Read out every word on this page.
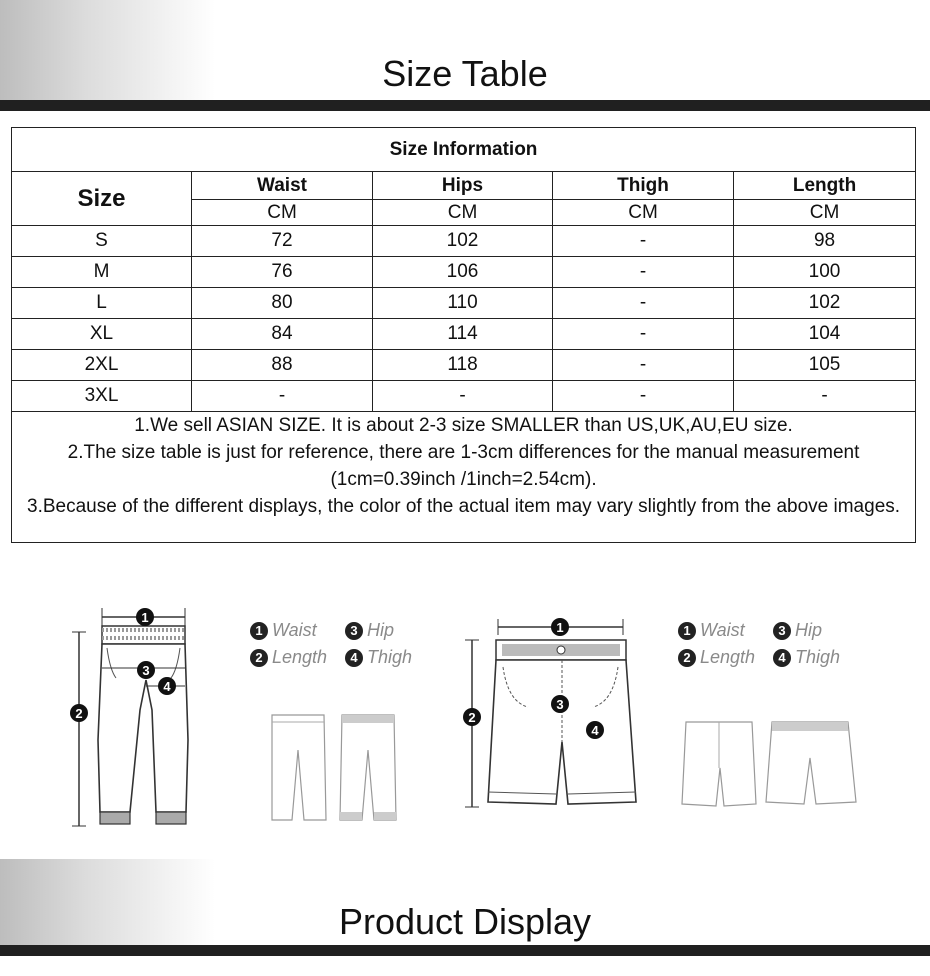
Size Table
Size Information				
Size	Waist	Hips	Thigh	Length
	CM	CM	CM	CM
S	72	102	-	98
M	76	106	-	100
L	80	110	-	102
XL	84	114	-	104
2XL	88	118	-	105
3XL	-	-	-	-

1.We sell ASIAN SIZE. It is about 2-3 size SMALLER than US,UK,AU,EU size.

2.The size table is just for reference, there are 1-3cm differences for the manual measurement (1cm=0.39inch /1inch=2.54cm).

3.Because of the different displays, the color of the actual item may vary slightly from the above images.				

1
2
3
4
1 Waist	3 Hip
2 Length	4 Thigh
1
2
3
4
1 Waist	3 Hip
2 Length	4 Thigh
Product Display
